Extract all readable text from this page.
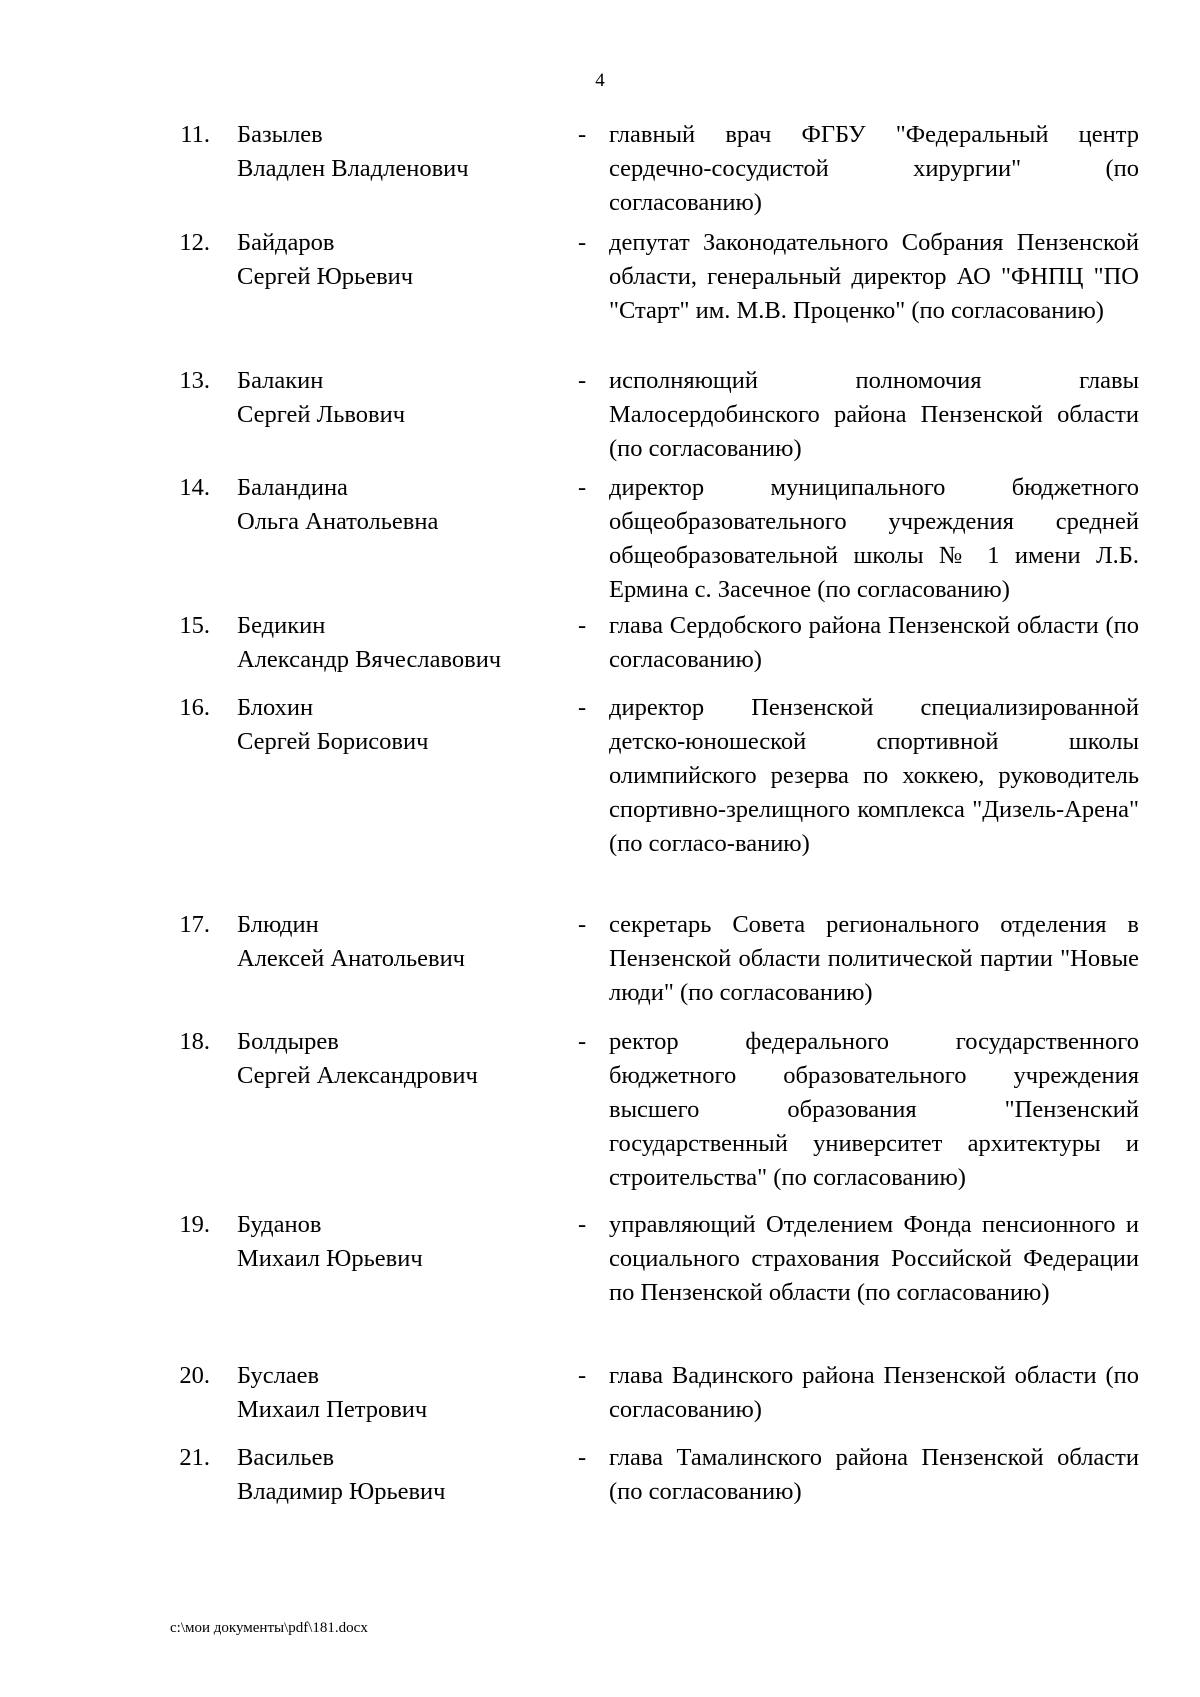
4
11. Базылев
Владлен Владленович
- главный врач ФГБУ "Федеральный центр сердечно-сосудистой хирургии" (по согласованию)
12. Байдаров
Сергей Юрьевич
- депутат Законодательного Собрания Пензенской области, генеральный директор АО "ФНПЦ "ПО "Старт" им. М.В. Проценко" (по согласованию)
13. Балакин
Сергей Львович
- исполняющий полномочия главы Малосердобинского района Пензенской области (по согласованию)
14. Баландина
Ольга Анатольевна
- директор муниципального бюджетного общеобразовательного учреждения средней общеобразовательной школы № 1 имени Л.Б. Ермина с. Засечное (по согласованию)
15. Бедикин
Александр Вячеславович
- глава Сердобского района Пензенской области (по согласованию)
16. Блохин
Сергей Борисович
- директор Пензенской специализированной детско-юношеской спортивной школы олимпийского резерва по хоккею, руководитель спортивно-зрелищного комплекса "Дизель-Арена" (по согласо-ванию)
17. Блюдин
Алексей Анатольевич
- секретарь Совета регионального отделения в Пензенской области политической партии "Новые люди" (по согласованию)
18. Болдырев
Сергей Александрович
- ректор федерального государственного бюджетного образовательного учреждения высшего образования "Пензенский государственный университет архитектуры и строительства" (по согласованию)
19. Буданов
Михаил Юрьевич
- управляющий Отделением Фонда пенсионного и социального страхования Российской Федерации по Пензенской области (по согласованию)
20. Буслаев
Михаил Петрович
- глава Вадинского района Пензенской области (по согласованию)
21. Васильев
Владимир Юрьевич
- глава Тамалинского района Пензенской области (по согласованию)
c:\мои документы\pdf\181.docx
